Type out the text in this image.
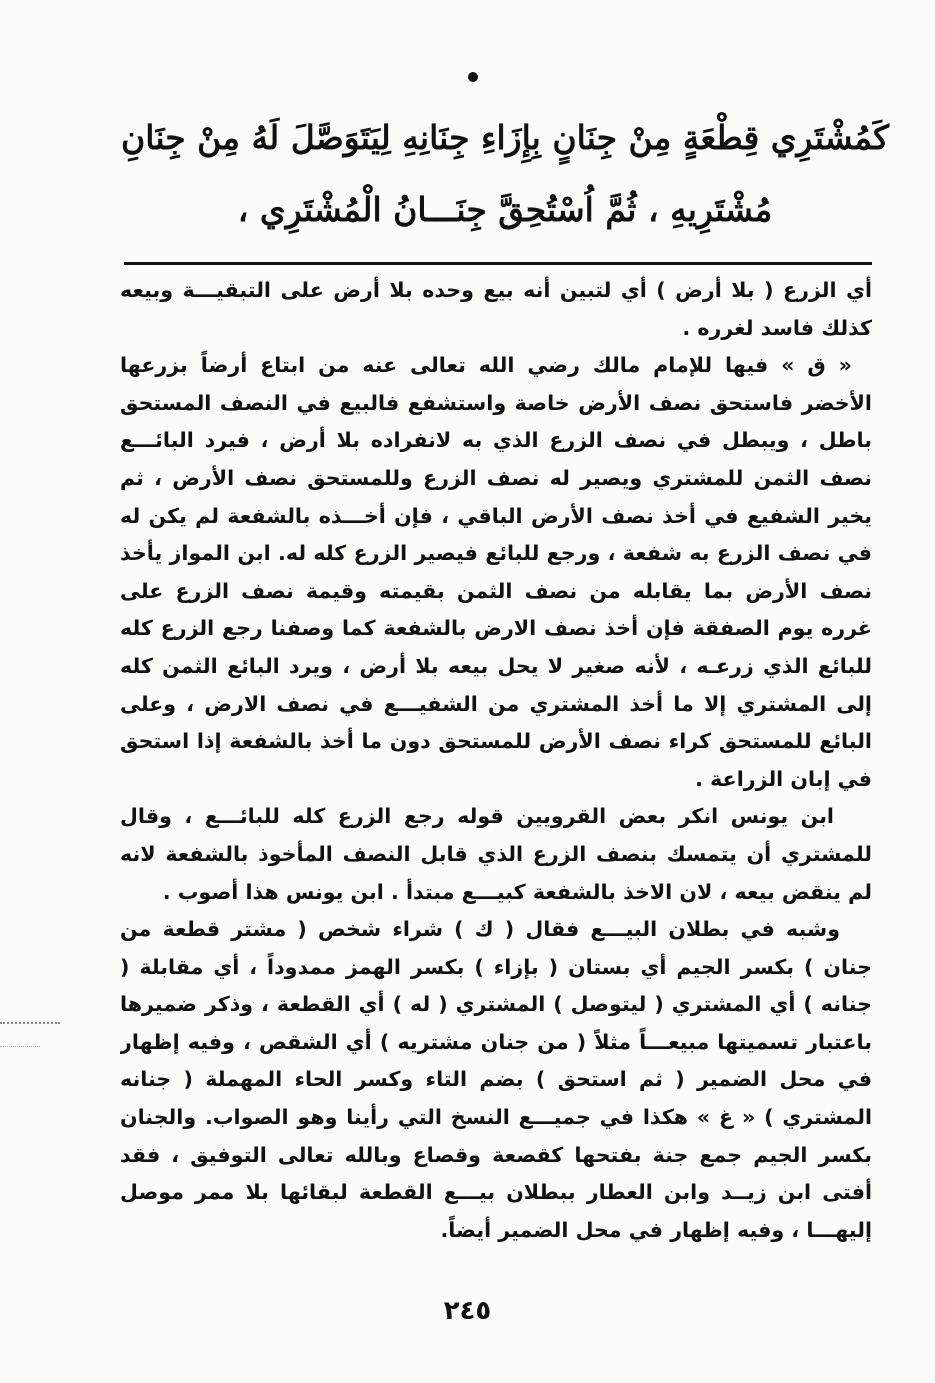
كَمُشْتَرِي قِطْعَةٍ مِنْ جِنَانٍ بِإِزَاءِ جِنَانِهِ لِيَتَوَصَّلَ لَهُ مِنْ جِنَانِ
مُشْتَرِيهِ ، ثُمَّ اُسْتُحِقَّ جِنَـــانُ الْمُشْتَرِي ،

أي الزرع ( بلا أرض ) أي لتبين أنه بيع وحده بلا أرض على التبقيـــة وبيعه كذلك فاسد لغرره .

« ق » فيها للإمام مالك رضي الله تعالى عنه من ابتاع أرضاً بزرعها الأخضر فاستحق نصف الأرض خاصة واستشفع فالبيع في النصف المستحق باطل ، ويبطل في نصف الزرع الذي به لانفراده بلا أرض ، فيرد البائـــع نصف الثمن للمشتري ويصير له نصف الزرع وللمستحق نصف الأرض ، ثم يخير الشفيع في أخذ نصف الأرض الباقي ، فإن أخـــذه بالشفعة لم يكن له في نصف الزرع به شفعة ، ورجع للبائع فيصير الزرع كله له. ابن المواز يأخذ نصف الأرض بما يقابله من نصف الثمن بقيمته وقيمة نصف الزرع على غرره يوم الصفقة فإن أخذ نصف الارض بالشفعة كما وصفنا رجع الزرع كله للبائع الذي زرعـه ، لأنه صغير لا يحل بيعه بلا أرض ، ويرد البائع الثمن كله إلى المشتري إلا ما أخذ المشتري من الشفيـــع في نصف الارض ، وعلى البائع للمستحق كراء نصف الأرض للمستحق دون ما أخذ بالشفعة إذا استحق في إبان الزراعة .

ابن يونس انكر بعض القرويين قوله رجع الزرع كله للبائـــع ، وقال للمشتري أن يتمسك بنصف الزرع الذي قابل النصف المأخوذ بالشفعة لانه لم ينقض بيعه ، لان الاخذ بالشفعة كبيـــع مبتدأ . ابن يونس هذا أصوب .

وشبه في بطلان البيـــع فقال ( ك ) شراء شخص ( مشتر قطعة من جنان ) بكسر الجيم أي بستان ( بإزاء ) بكسر الهمز ممدوداً ، أي مقابلة ( جنانه ) أي المشتري ( ليتوصل ) المشتري ( له ) أي القطعة ، وذكر ضميرها باعتبار تسميتها مبيعـــاً مثلاً ( من جنان مشتريه ) أي الشقص ، وفيه إظهار في محل الضمير ( ثم استحق ) بضم التاء وكسر الحاء المهملة ( جنانه المشتري ) « غ » هكذا في جميـــع النسخ التي رأينا وهو الصواب. والجنان بكسر الجيم جمع جنة بفتحها كقصعة وقصاع وبالله تعالى التوفيق ، فقد أفتى ابن زيــد وابن العطار ببطلان بيـــع القطعة لبقائها بلا ممر موصل إليهـــا ، وفيه إظهار في محل الضمير أيضاً.

٢٤٥
